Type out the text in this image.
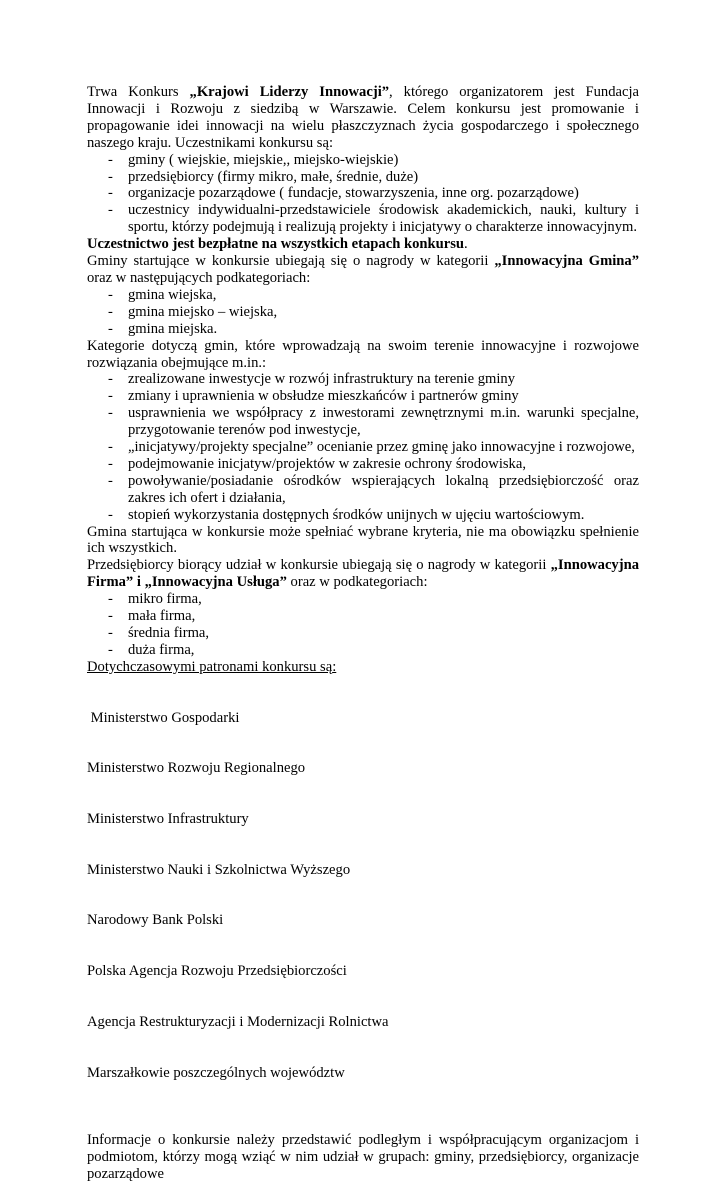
Trwa Konkurs „Krajowi Liderzy Innowacji”, którego organizatorem jest Fundacja Innowacji i Rozwoju z siedzibą w Warszawie. Celem konkursu jest promowanie i propagowanie idei innowacji na wielu płaszczyznach życia gospodarczego i społecznego naszego kraju. Uczestnikami konkursu są:

- gminy ( wiejskie, miejskie,, miejsko-wiejskie)
- przedsiębiorcy (firmy mikro, małe, średnie, duże)
- organizacje pozarządowe ( fundacje, stowarzyszenia, inne org. pozarządowe)
- uczestnicy indywidualni-przedstawiciele środowisk akademickich, nauki, kultury i sportu, którzy podejmują i realizują projekty i inicjatywy o charakterze innowacyjnym.

Uczestnictwo jest bezpłatne na wszystkich etapach konkursu.

Gminy startujące w konkursie ubiegają się o nagrody w kategorii „Innowacyjna Gmina” oraz w następujących podkategoriach:

- gmina wiejska,
- gmina miejsko – wiejska,
- gmina miejska.

Kategorie dotyczą gmin, które wprowadzają na swoim terenie innowacyjne i rozwojowe rozwiązania obejmujące m.in.:

- zrealizowane inwestycje w rozwój infrastruktury na terenie gminy
- zmiany i uprawnienia w obsłudze mieszkańców i partnerów gminy
- usprawnienia we współpracy z inwestorami zewnętrznymi m.in. warunki specjalne, przygotowanie terenów pod inwestycje,
- „inicjatywy/projekty specjalne” ocenianie przez gminę jako innowacyjne i rozwojowe,
- podejmowanie inicjatyw/projektów w zakresie ochrony środowiska,
- powoływanie/posiadanie ośrodków wspierających lokalną przedsiębiorczość oraz zakres ich ofert i działania,
- stopień wykorzystania dostępnych środków unijnych w ujęciu wartościowym.

Gmina startująca w konkursie może spełniać wybrane kryteria, nie ma obowiązku spełnienie ich wszystkich.

Przedsiębiorcy biorący udział w konkursie ubiegają się o nagrody w kategorii „Innowacyjna Firma” i „Innowacyjna Usługa” oraz w podkategoriach:

- mikro firma,
- mała firma,
- średnia firma,
- duża firma,

Dotychczasowymi patronami konkursu są:

Ministerstwo Gospodarki

Ministerstwo Rozwoju Regionalnego

Ministerstwo Infrastruktury

Ministerstwo Nauki i Szkolnictwa Wyższego

Narodowy Bank Polski

Polska Agencja Rozwoju Przedsiębiorczości

Agencja Restrukturyzacji i Modernizacji Rolnictwa

Marszałkowie poszczególnych województw

Informacje o konkursie należy przedstawić podległym i współpracującym organizacjom i podmiotom, którzy mogą wziąć w nim udział w grupach: gminy, przedsiębiorcy, organizacje pozarządowe
